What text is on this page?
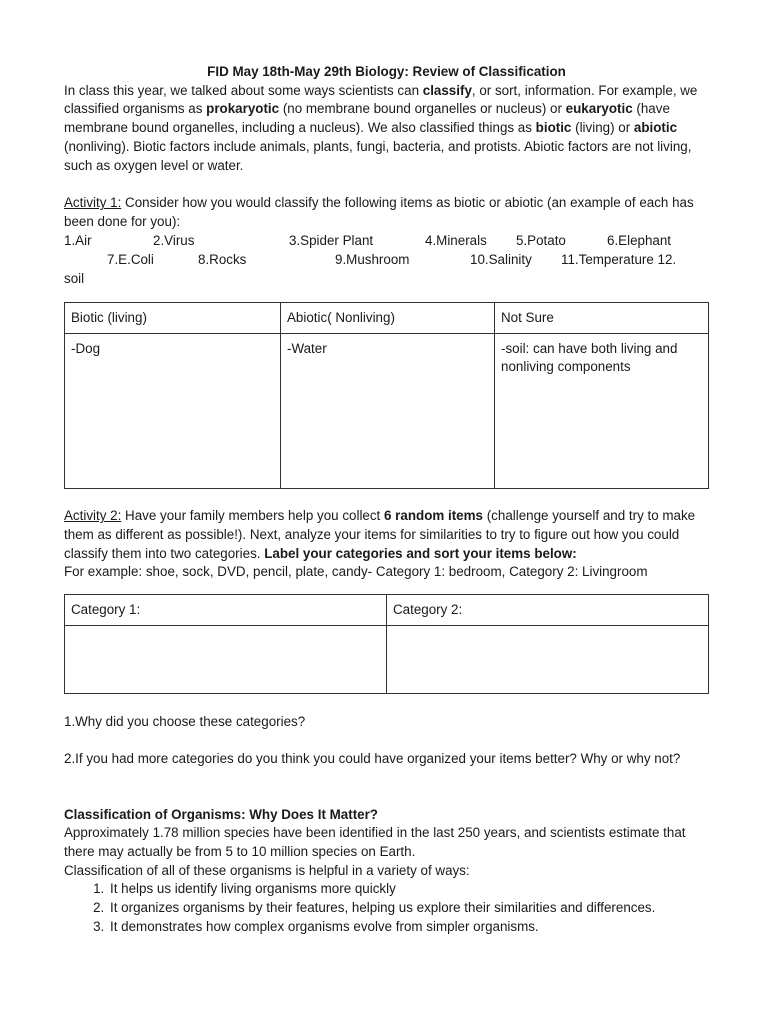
FID May 18th-May 29th Biology: Review of Classification

In class this year, we talked about some ways scientists can classify, or sort, information. For example, we classified organisms as prokaryotic (no membrane bound organelles or nucleus) or eukaryotic (have membrane bound organelles, including a nucleus). We also classified things as biotic (living) or abiotic (nonliving). Biotic factors include animals, plants, fungi, bacteria, and protists. Abiotic factors are not living, such as oxygen level or water.

Activity 1: Consider how you would classify the following items as biotic or abiotic (an example of each has been done for you):

1.Air	2.Virus	3.Spider Plant	4.Minerals 5.Potato	6.Elephant
7.E.Coli	8.Rocks	9.Mushroom	10.Salinity 11.Temperature 12.

soil

Biotic (living)	Abiotic( Nonliving)	Not Sure
-Dog	-Water	-soil: can have both living and nonliving components

Activity 2: Have your family members help you collect 6 random items (challenge yourself and try to make them as different as possible!). Next, analyze your items for similarities to try to figure out how you could classify them into two categories. Label your categories and sort your items below:

For example: shoe, sock, DVD, pencil, plate, candy- Category 1: bedroom, Category 2: Livingroom

Category 1:	Category 2:

1.Why did you choose these categories?

2.If you had more categories do you think you could have organized your items better? Why or why not?

Classification of Organisms: Why Does It Matter?

Approximately 1.78 million species have been identified in the last 250 years, and scientists estimate that there may actually be from 5 to 10 million species on Earth.

Classification of all of these organisms is helpful in a variety of ways:

1. It helps us identify living organisms more quickly
2. It organizes organisms by their features, helping us explore their similarities and differences.
3. It demonstrates how complex organisms evolve from simpler organisms.
